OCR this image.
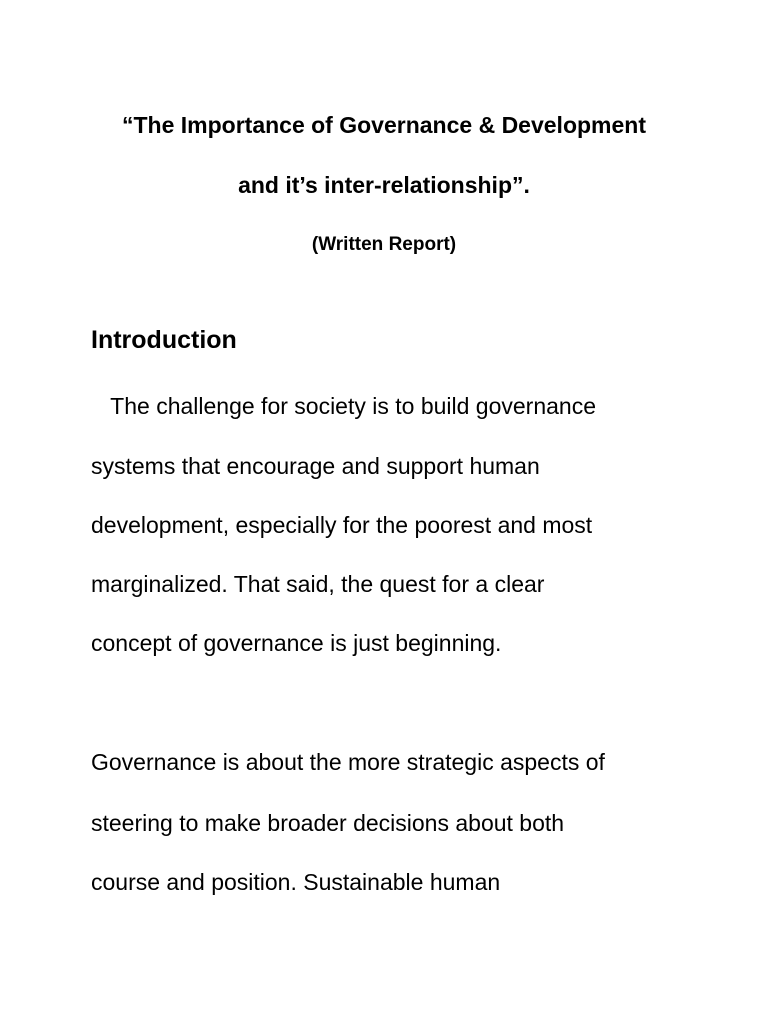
“The Importance of Governance & Development
and it’s inter-relationship”.
(Written Report)
Introduction
The challenge for society is to build governance
systems that encourage and support human
development, especially for the poorest and most
marginalized. That said, the quest for a clear
concept of governance is just beginning.
Governance is about the more strategic aspects of
steering to make broader decisions about both
course and position. Sustainable human
